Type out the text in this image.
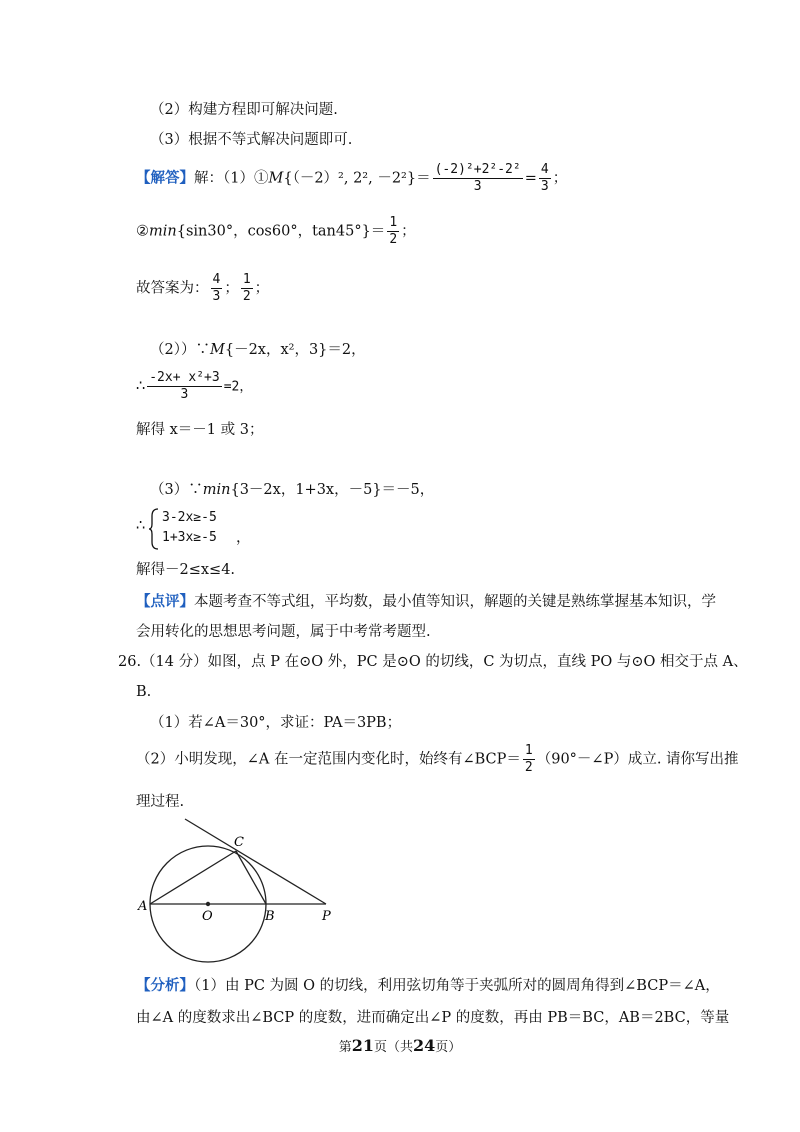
（2）构建方程即可解决问题.
（3）根据不等式解决问题即可.
【解答】解：（1）①M{（－2）², 2², $-2^2\}= \frac{\text{(-2)²+2²-2²}}{3} = \frac{4}{3}$ ；
②min{sin30°，cos60°，$\tan 45^\circ\}= \frac{1}{2}$ ；
故答案为： $\frac{4}{3}$ ； $\frac{1}{2}$ ；
（2））∵M{－2x，x²，3}＝2，
∴ $\frac{\text{-2x+ x²+3}}{3} =2$，
解得 x＝－1 或 3；
（3）∵min{3－2x，1+3x，－5}＝－5，
∴
3-2x≥-5
1+3x≥-5 ，
解得－2≤x≤4.
【点评】本题考查不等式组，平均数，最小值等知识，解题的关键是熟练掌握基本知识，学
会用转化的思想思考问题，属于中考常考题型.
26.（14 分）如图，点 P 在⊙O 外，PC 是⊙O 的切线，C 为切点，直线 PO 与⊙O 相交于点 A、
B.
（1）若∠A＝30°，求证：PA＝3PB；
（2）小明发现，∠A 在一定范围内变化时，始终有∠BCP＝ $\frac{1}{2}$ （90°－∠P）成立. 请你写出推
理过程.
C
A
O	B	P
【分析】（1）由 PC 为圆 O 的切线，利用弦切角等于夹弧所对的圆周角得到∠BCP＝∠A，
由∠A 的度数求出∠BCP 的度数，进而确定出∠P 的度数，再由 PB＝BC，AB＝2BC，等量
第21页（共24页）
